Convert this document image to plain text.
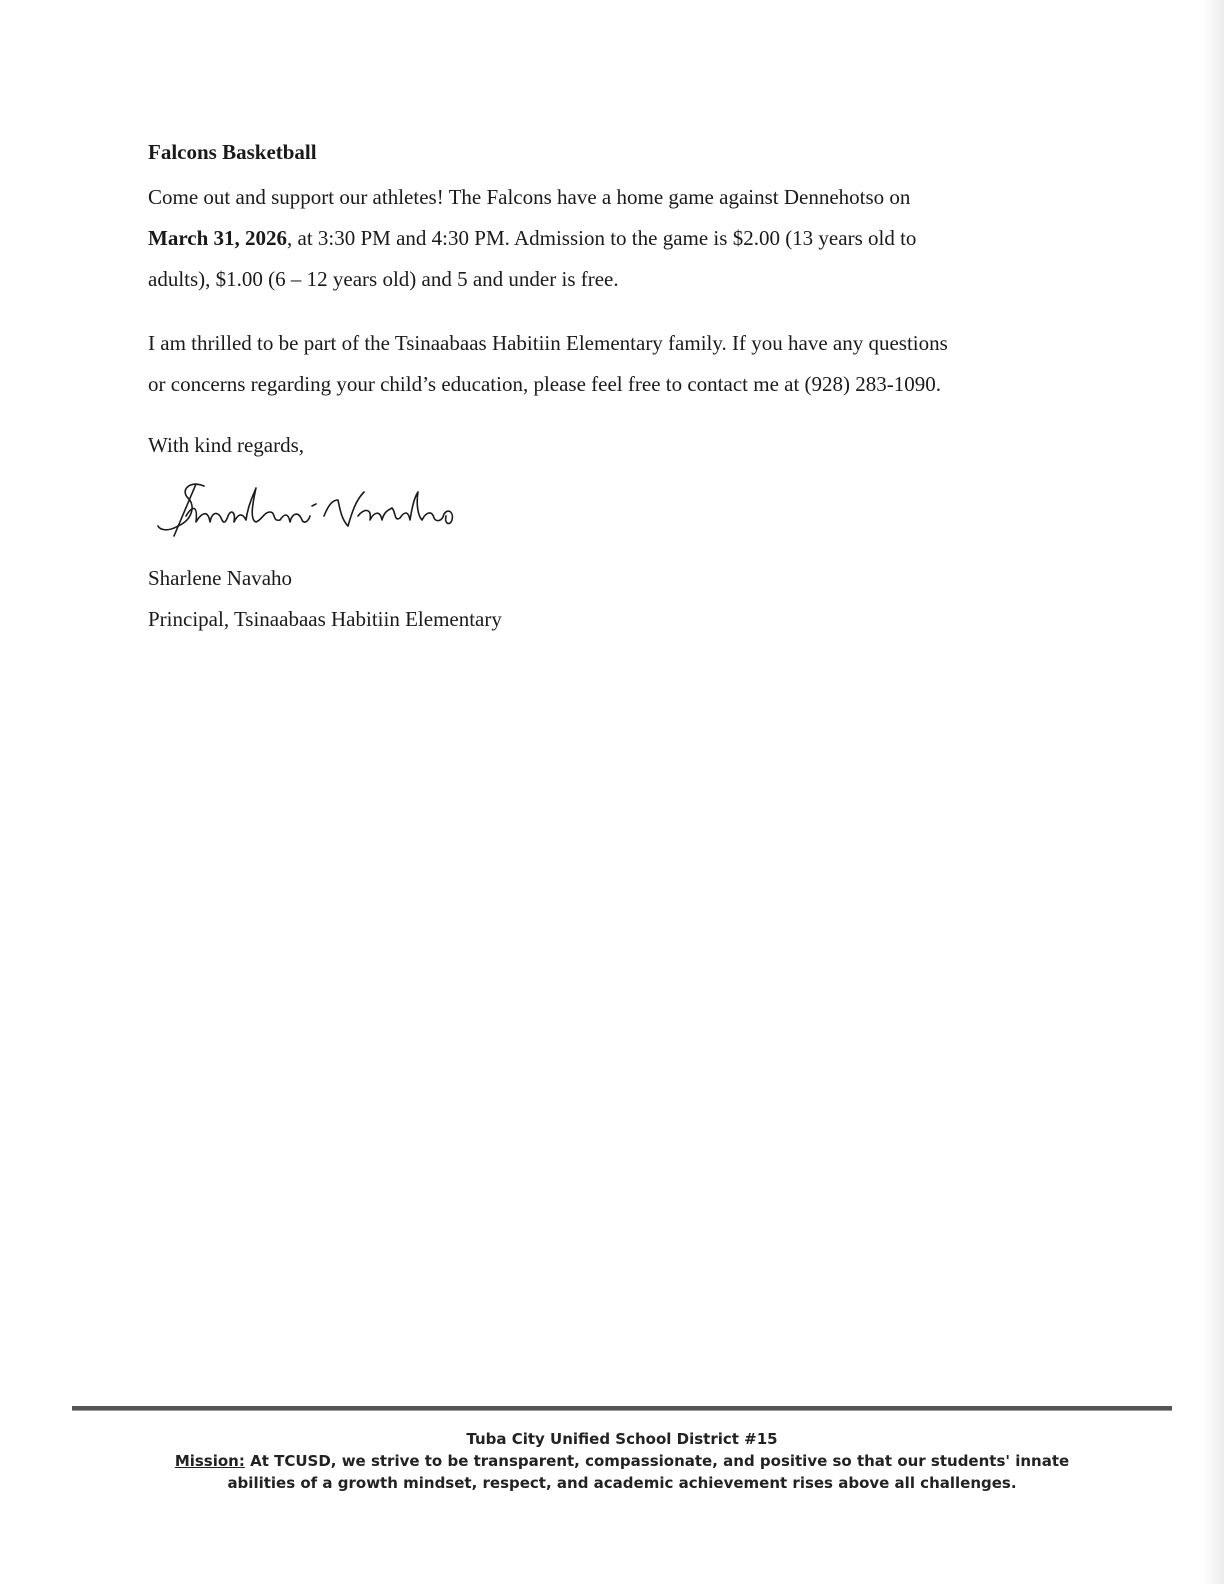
Falcons Basketball
Come out and support our athletes! The Falcons have a home game against Dennehotso on
March 31, 2026, at 3:30 PM and 4:30 PM. Admission to the game is $2.00 (13 years old to
adults), $1.00 (6 – 12 years old) and 5 and under is free.
I am thrilled to be part of the Tsinaabaas Habitiin Elementary family. If you have any questions
or concerns regarding your child’s education, please feel free to contact me at (928) 283-1090.
With kind regards,
Sharlene Navaho
Sharlene Navaho
Principal, Tsinaabaas Habitiin Elementary
Tuba City Unified School District #15
Mission: At TCUSD, we strive to be transparent, compassionate, and positive so that our students' innate
abilities of a growth mindset, respect, and academic achievement rises above all challenges.
